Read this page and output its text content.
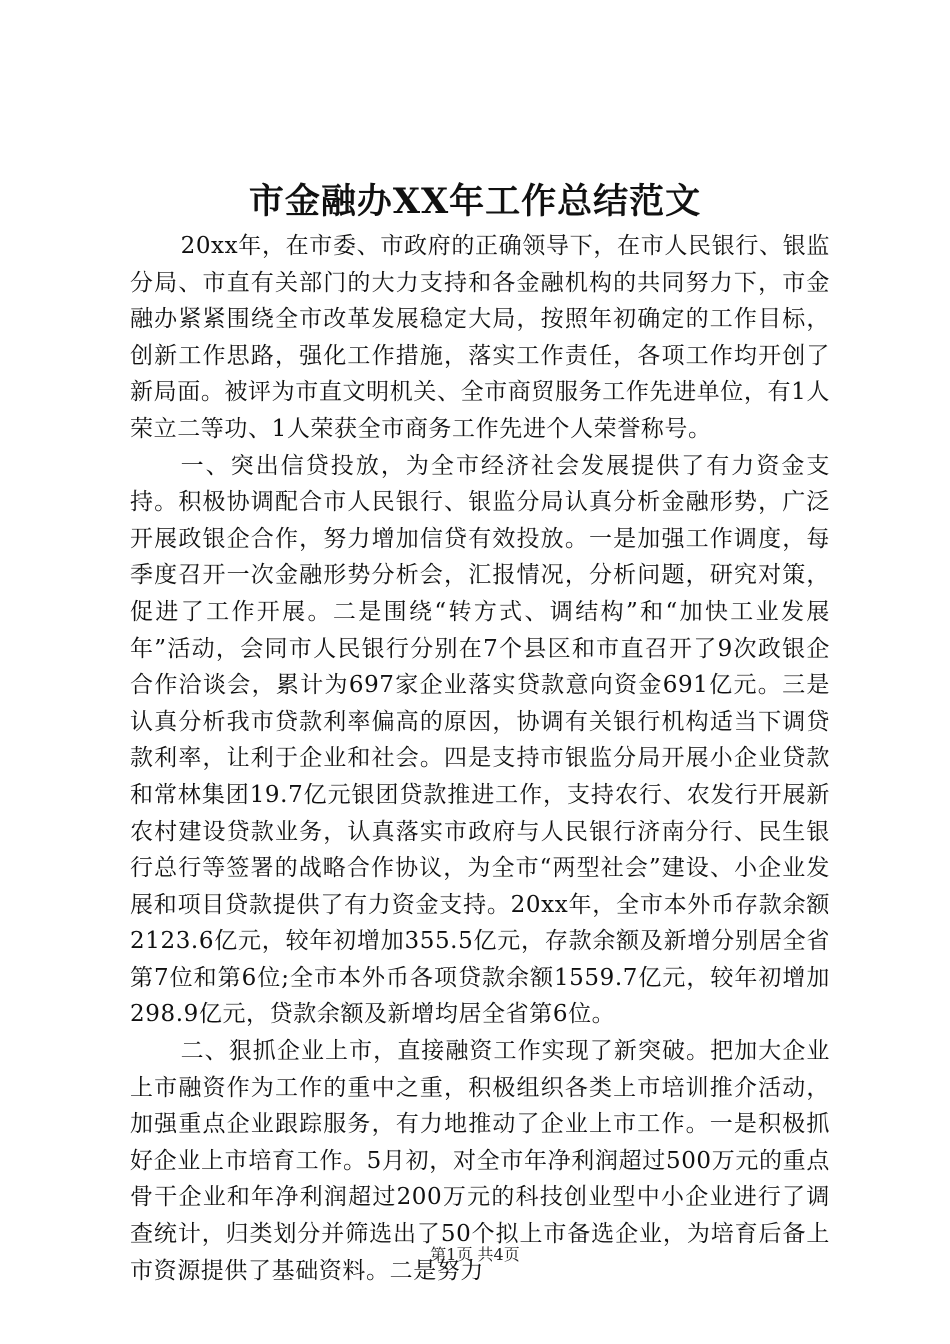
市金融办XX年工作总结范文

20xx年，在市委、市政府的正确领导下，在市人民银行、银监分局、市直有关部门的大力支持和各金融机构的共同努力下，市金融办紧紧围绕全市改革发展稳定大局，按照年初确定的工作目标，创新工作思路，强化工作措施，落实工作责任，各项工作均开创了新局面。被评为市直文明机关、全市商贸服务工作先进单位，有1人荣立二等功、1人荣获全市商务工作先进个人荣誉称号。

一、突出信贷投放，为全市经济社会发展提供了有力资金支持。积极协调配合市人民银行、银监分局认真分析金融形势，广泛开展政银企合作，努力增加信贷有效投放。一是加强工作调度，每季度召开一次金融形势分析会，汇报情况，分析问题，研究对策，促进了工作开展。二是围绕“转方式、调结构”和“加快工业发展年”活动，会同市人民银行分别在7个县区和市直召开了9次政银企合作洽谈会，累计为697家企业落实贷款意向资金691亿元。三是认真分析我市贷款利率偏高的原因，协调有关银行机构适当下调贷款利率，让利于企业和社会。四是支持市银监分局开展小企业贷款和常林集团19.7亿元银团贷款推进工作，支持农行、农发行开展新农村建设贷款业务，认真落实市政府与人民银行济南分行、民生银行总行等签署的战略合作协议，为全市“两型社会”建设、小企业发展和项目贷款提供了有力资金支持。20xx年，全市本外币存款余额2123.6亿元，较年初增加355.5亿元，存款余额及新增分别居全省第7位和第6位;全市本外币各项贷款余额1559.7亿元，较年初增加298.9亿元，贷款余额及新增均居全省第6位。

二、狠抓企业上市，直接融资工作实现了新突破。把加大企业上市融资作为工作的重中之重，积极组织各类上市培训推介活动，加强重点企业跟踪服务，有力地推动了企业上市工作。一是积极抓好企业上市培育工作。5月初，对全市年净利润超过500万元的重点骨干企业和年净利润超过200万元的科技创业型中小企业进行了调查统计，归类划分并筛选出了50个拟上市备选企业，为培育后备上市资源提供了基础资料。二是努力

第1页 共4页
